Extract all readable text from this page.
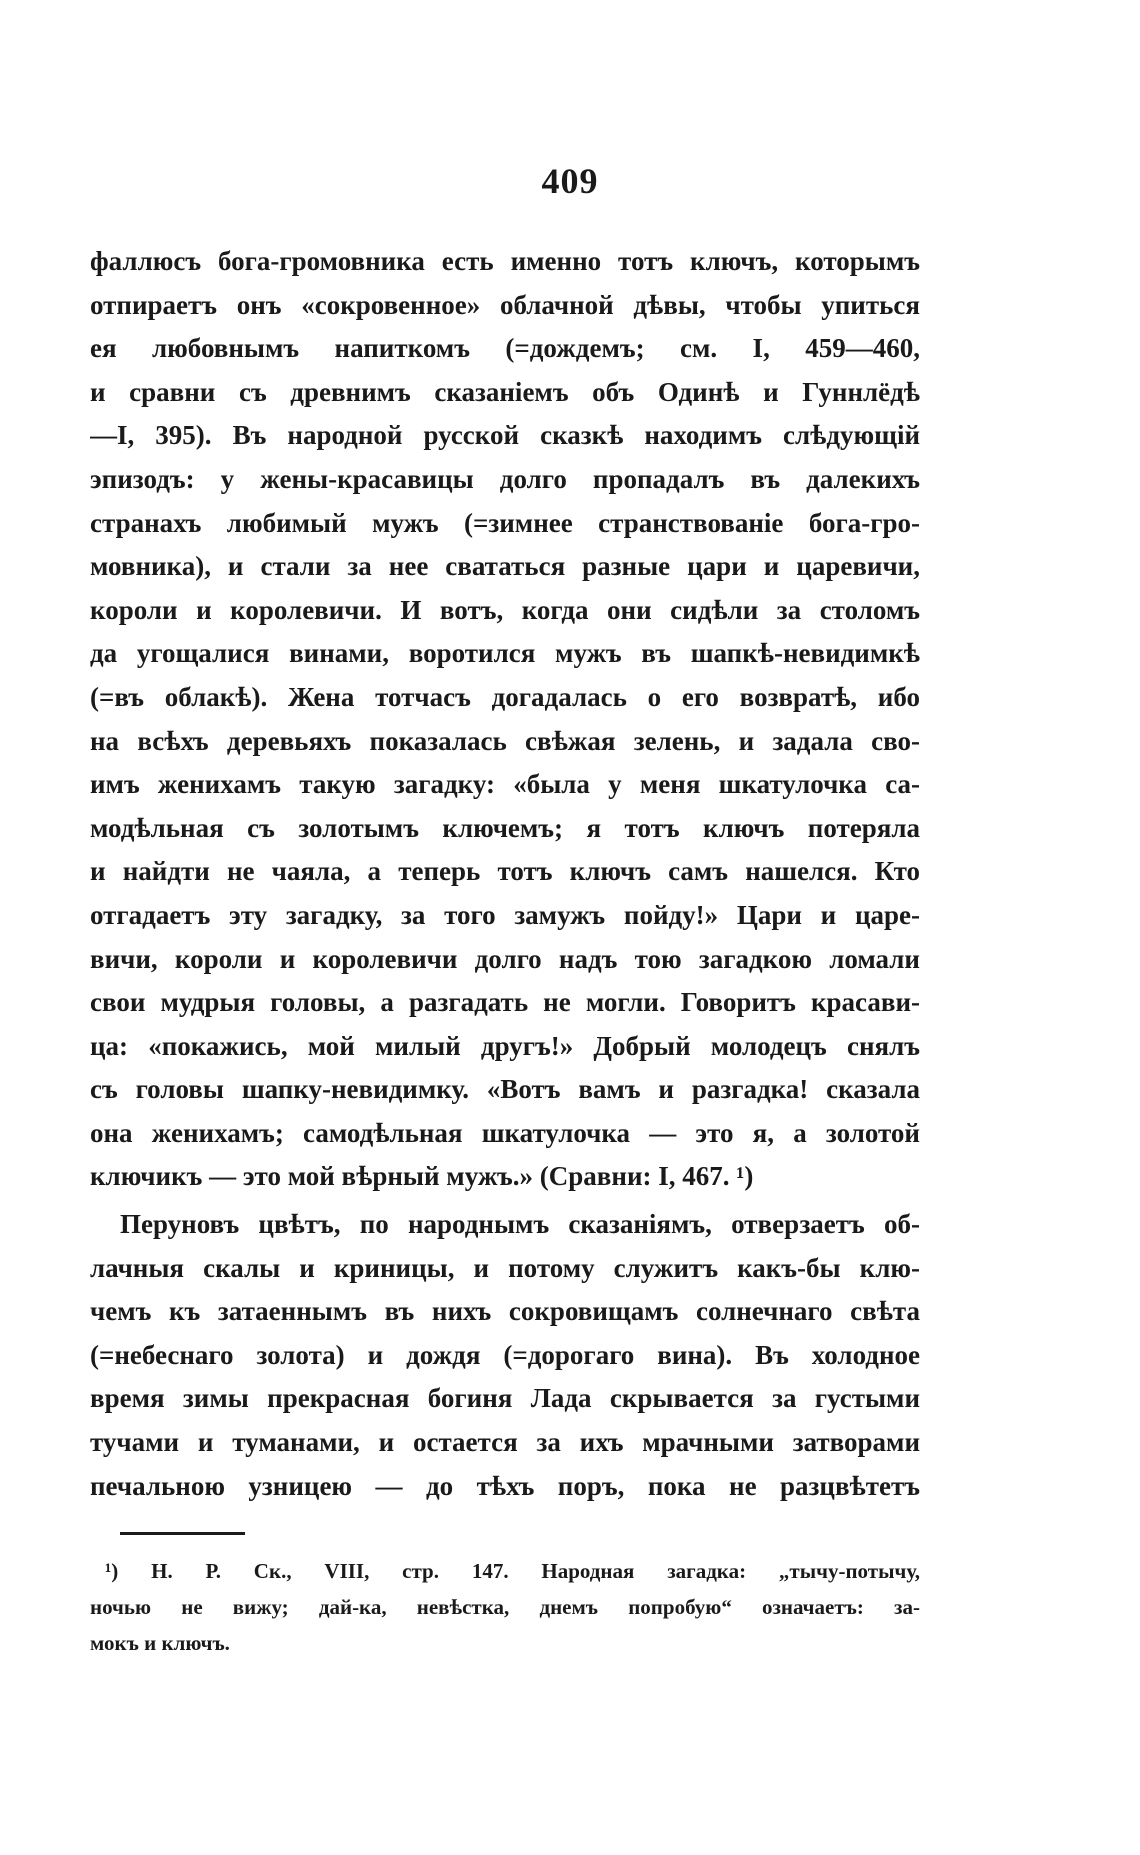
409

фаллюсъ бога-громовника есть именно тотъ ключъ, которымъ
отпираетъ онъ «сокровенное» облачной дѣвы, чтобы упиться
ея любовнымъ напиткомъ (=дождемъ; см. I, 459—460,
и сравни съ древнимъ сказаніемъ объ Одинѣ и Гуннлёдѣ
—I, 395). Въ народной русской сказкѣ находимъ слѣдующій
эпизодъ: у жены-красавицы долго пропадалъ въ далекихъ
странахъ любимый мужъ (=зимнее странствованіе бога-гро-
мовника), и стали за нее свататься разные цари и царевичи,
короли и королевичи. И вотъ, когда они сидѣли за столомъ
да угощалися винами, воротился мужъ въ шапкѣ-невидимкѣ
(=въ облакѣ). Жена тотчасъ догадалась о его возвратѣ, ибо
на всѣхъ деревьяхъ показалась свѣжая зелень, и задала сво-
имъ женихамъ такую загадку: «была у меня шкатулочка са-
модѣльная съ золотымъ ключемъ; я тотъ ключъ потеряла
и найдти не чаяла, а теперь тотъ ключъ самъ нашелся. Кто
отгадаетъ эту загадку, за того замужъ пойду!» Цари и царе-
вичи, короли и королевичи долго надъ тою загадкою ломали
свои мудрыя головы, а разгадать не могли. Говоритъ красави-
ца: «покажись, мой милый другъ!» Добрый молодецъ снялъ
съ головы шапку-невидимку. «Вотъ вамъ и разгадка! сказала
она женихамъ; самодѣльная шкатулочка — это я, а золотой
ключикъ — это мой вѣрный мужъ.» (Сравни: I, 467. ¹)

Перуновъ цвѣтъ, по народнымъ сказаніямъ, отверзаетъ об-
лачныя скалы и криницы, и потому служитъ какъ-бы клю-
чемъ къ затаеннымъ въ нихъ сокровищамъ солнечнаго свѣта
(=небеснаго золота) и дождя (=дорогаго вина). Въ холодное
время зимы прекрасная богиня Лада скрывается за густыми
тучами и туманами, и остается за ихъ мрачными затворами
печальною узницею — до тѣхъ поръ, пока не разцвѣтетъ

¹) Н. Р. Ск., VIII, стр. 147. Народная загадка: „тычу-потычу,
ночью не вижу; дай-ка, невѣстка, днемъ попробую“ означаетъ: за-
мокъ и ключъ.
